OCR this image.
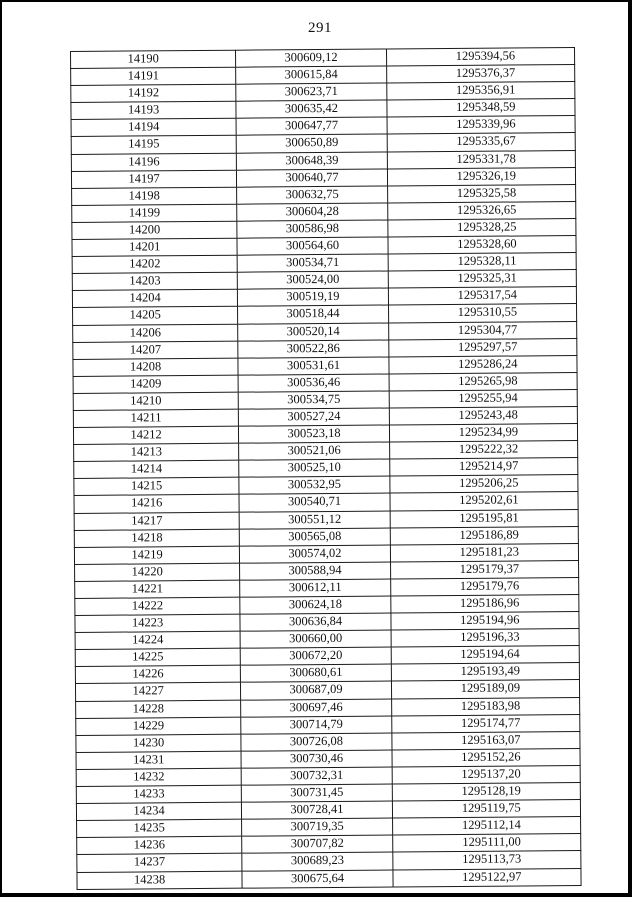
291
14190	300609,12	1295394,56
14191	300615,84	1295376,37
14192	300623,71	1295356,91
14193	300635,42	1295348,59
14194	300647,77	1295339,96
14195	300650,89	1295335,67
14196	300648,39	1295331,78
14197	300640,77	1295326,19
14198	300632,75	1295325,58
14199	300604,28	1295326,65
14200	300586,98	1295328,25
14201	300564,60	1295328,60
14202	300534,71	1295328,11
14203	300524,00	1295325,31
14204	300519,19	1295317,54
14205	300518,44	1295310,55
14206	300520,14	1295304,77
14207	300522,86	1295297,57
14208	300531,61	1295286,24
14209	300536,46	1295265,98
14210	300534,75	1295255,94
14211	300527,24	1295243,48
14212	300523,18	1295234,99
14213	300521,06	1295222,32
14214	300525,10	1295214,97
14215	300532,95	1295206,25
14216	300540,71	1295202,61
14217	300551,12	1295195,81
14218	300565,08	1295186,89
14219	300574,02	1295181,23
14220	300588,94	1295179,37
14221	300612,11	1295179,76
14222	300624,18	1295186,96
14223	300636,84	1295194,96
14224	300660,00	1295196,33
14225	300672,20	1295194,64
14226	300680,61	1295193,49
14227	300687,09	1295189,09
14228	300697,46	1295183,98
14229	300714,79	1295174,77
14230	300726,08	1295163,07
14231	300730,46	1295152,26
14232	300732,31	1295137,20
14233	300731,45	1295128,19
14234	300728,41	1295119,75
14235	300719,35	1295112,14
14236	300707,82	1295111,00
14237	300689,23	1295113,73
14238	300675,64	1295122,97
